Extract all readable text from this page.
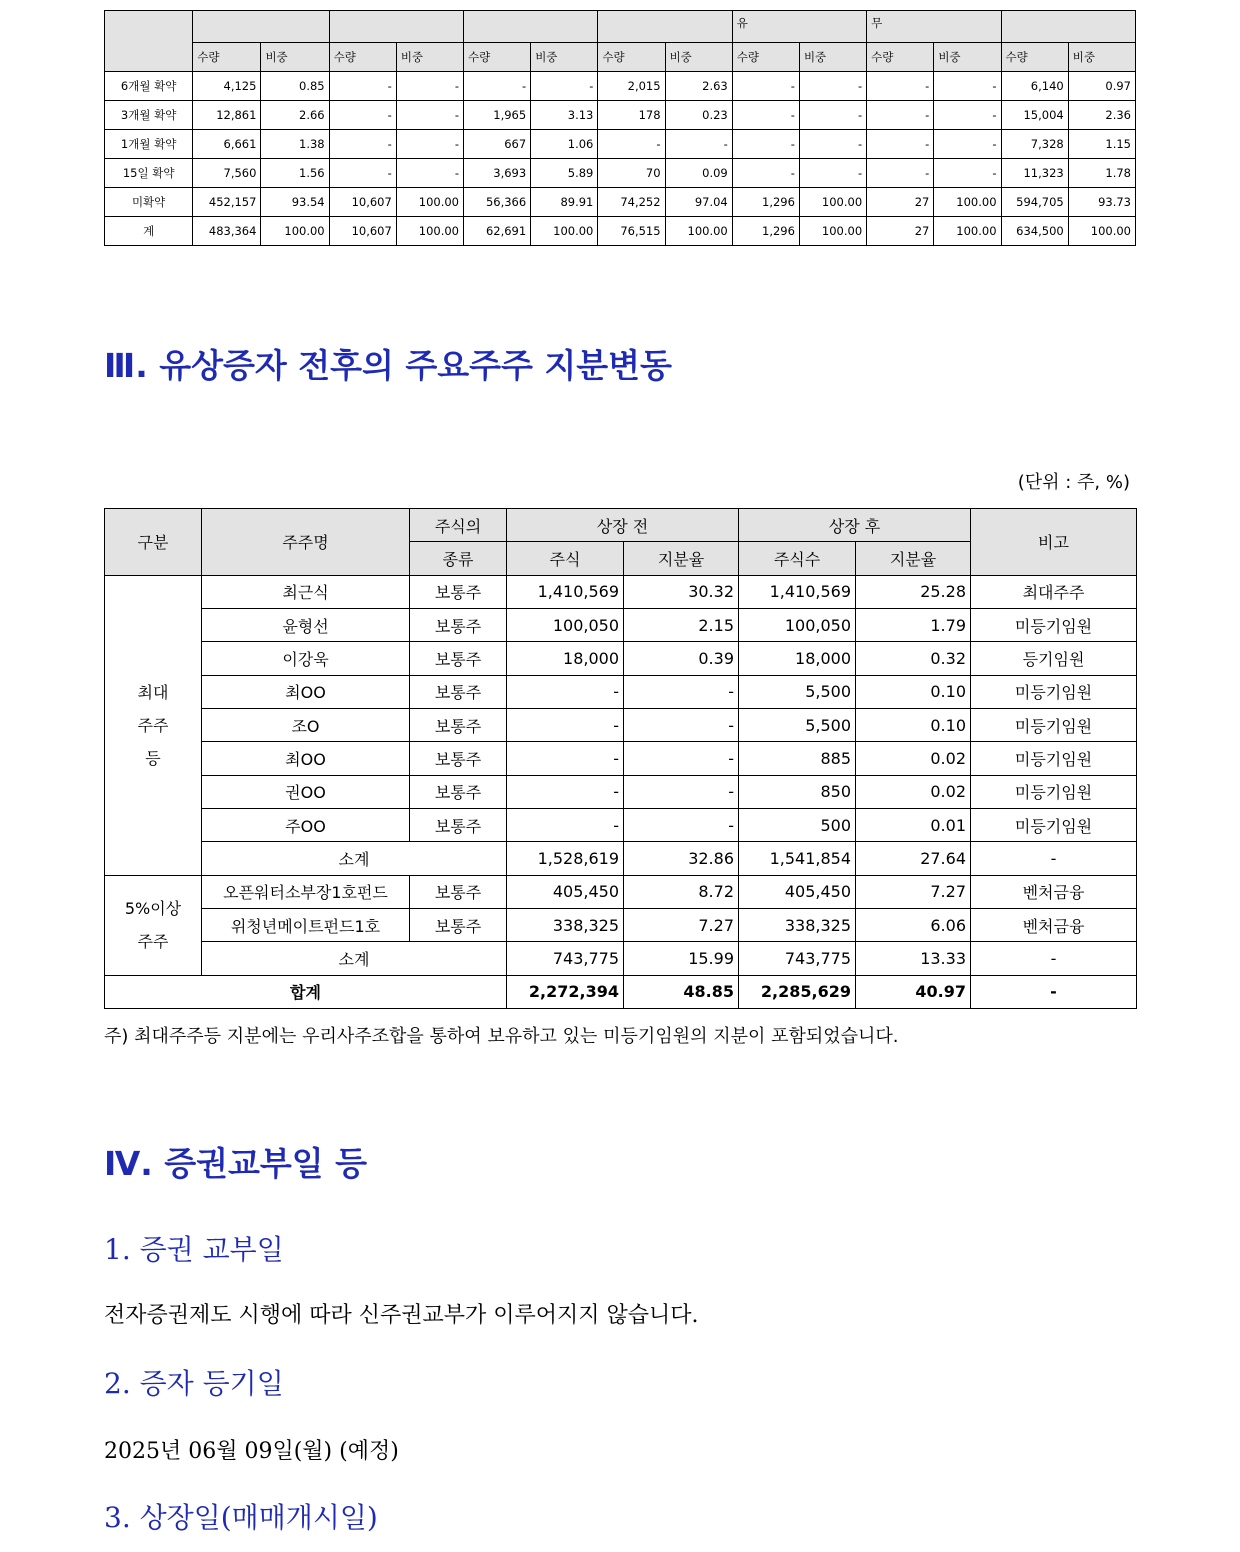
									유		무			
	수량	비중	수량	비중	수량	비중	수량	비중	수량	비중	수량	비중	수량	비중
6개월 확약	4,125	0.85	-	-	-	-	2,015	2.63	-	-	-	-	6,140	0.97
3개월 확약	12,861	2.66	-	-	1,965	3.13	178	0.23	-	-	-	-	15,004	2.36
1개월 확약	6,661	1.38	-	-	667	1.06	-	-	-	-	-	-	7,328	1.15
15일 확약	7,560	1.56	-	-	3,693	5.89	70	0.09	-	-	-	-	11,323	1.78
미확약	452,157	93.54	10,607	100.00	56,366	89.91	74,252	97.04	1,296	100.00	27	100.00	594,705	93.73
계	483,364	100.00	10,607	100.00	62,691	100.00	76,515	100.00	1,296	100.00	27	100.00	634,500	100.00
Ⅲ. 유상증자 전후의 주요주주 지분변동
(단위 : 주, %)
구분	주주명	주식의	상장 전		상장 후		비고
		종류	주식	지분율	주식수	지분율	

최대
주주
등	최근식	보통주	1,410,569	30.32	1,410,569	25.28	최대주주
	윤형선	보통주	100,050	2.15	100,050	1.79	미등기임원
	이강욱	보통주	18,000	0.39	18,000	0.32	등기임원
	최OO	보통주	-	-	5,500	0.10	미등기임원
	조O	보통주	-	-	5,500	0.10	미등기임원
	최OO	보통주	-	-	885	0.02	미등기임원
	권OO	보통주	-	-	850	0.02	미등기임원
	주OO	보통주	-	-	500	0.01	미등기임원
	소계		1,528,619	32.86	1,541,854	27.64	-

5%이상
주주	오픈워터소부장1호펀드	보통주	405,450	8.72	405,450	7.27	벤처금융
	위청년메이트펀드1호	보통주	338,325	7.27	338,325	6.06	벤처금융
	소계		743,775	15.99	743,775	13.33	-
합계			2,272,394	48.85	2,285,629	40.97	-
주) 최대주주등 지분에는 우리사주조합을 통하여 보유하고 있는 미등기임원의 지분이 포함되었습니다.
Ⅳ. 증권교부일 등
1. 증권 교부일

전자증권제도 시행에 따라 신주권교부가 이루어지지 않습니다.

2. 증자 등기일

2025년 06월 09일(월) (예정)

3. 상장일(매매개시일)
